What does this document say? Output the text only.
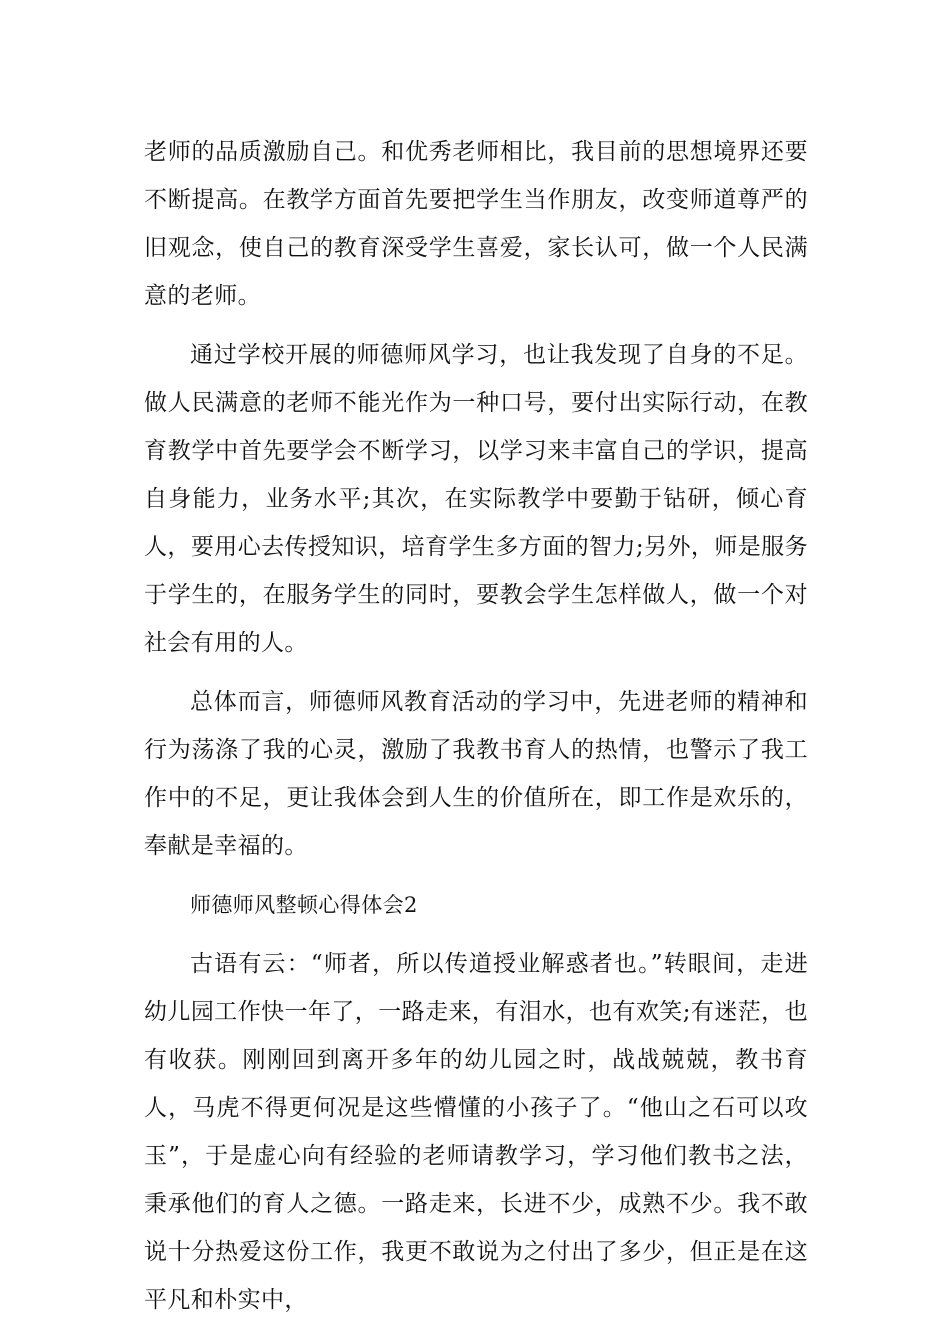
老师的品质激励自己。和优秀老师相比，我目前的思想境界还要不断提高。在教学方面首先要把学生当作朋友，改变师道尊严的旧观念，使自己的教育深受学生喜爱，家长认可，做一个人民满意的老师。

通过学校开展的师德师风学习，也让我发现了自身的不足。做人民满意的老师不能光作为一种口号，要付出实际行动，在教育教学中首先要学会不断学习，以学习来丰富自己的学识，提高自身能力，业务水平;其次，在实际教学中要勤于钻研，倾心育人，要用心去传授知识，培育学生多方面的智力;另外，师是服务于学生的，在服务学生的同时，要教会学生怎样做人，做一个对社会有用的人。

总体而言，师德师风教育活动的学习中，先进老师的精神和行为荡涤了我的心灵，激励了我教书育人的热情，也警示了我工作中的不足，更让我体会到人生的价值所在，即工作是欢乐的，奉献是幸福的。

师德师风整顿心得体会2

古语有云：“师者，所以传道授业解惑者也。”转眼间，走进幼儿园工作快一年了，一路走来，有泪水，也有欢笑;有迷茫，也有收获。刚刚回到离开多年的幼儿园之时，战战兢兢，教书育人，马虎不得更何况是这些懵懂的小孩子了。“他山之石可以攻玉”，于是虚心向有经验的老师请教学习，学习他们教书之法，秉承他们的育人之德。一路走来，长进不少，成熟不少。我不敢说十分热爱这份工作，我更不敢说为之付出了多少，但正是在这平凡和朴实中，
